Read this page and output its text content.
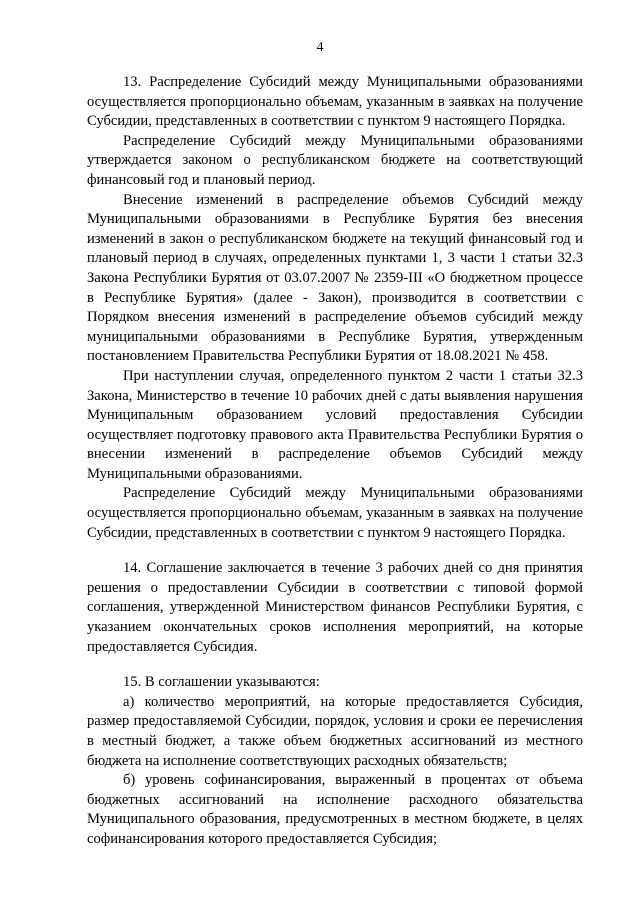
4

13. Распределение Субсидий между Муниципальными образованиями осуществляется пропорционально объемам, указанным в заявках на получение Субсидии, представленных в соответствии с пунктом 9 настоящего Порядка.

Распределение Субсидий между Муниципальными образованиями утверждается законом о республиканском бюджете на соответствующий финансовый год и плановый период.

Внесение изменений в распределение объемов Субсидий между Муниципальными образованиями в Республике Бурятия без внесения изменений в закон о республиканском бюджете на текущий финансовый год и плановый период в случаях, определенных пунктами 1, 3 части 1 статьи 32.3 Закона Республики Бурятия от 03.07.2007 № 2359-III «О бюджетном процессе в Республике Бурятия» (далее - Закон), производится в соответствии с Порядком внесения изменений в распределение объемов субсидий между муниципальными образованиями в Республике Бурятия, утвержденным постановлением Правительства Республики Бурятия от 18.08.2021 № 458.

При наступлении случая, определенного пунктом 2 части 1 статьи 32.3 Закона, Министерство в течение 10 рабочих дней с даты выявления нарушения Муниципальным образованием условий предоставления Субсидии осуществляет подготовку правового акта Правительства Республики Бурятия о внесении изменений в распределение объемов Субсидий между Муниципальными образованиями.

Распределение Субсидий между Муниципальными образованиями осуществляется пропорционально объемам, указанным в заявках на получение Субсидии, представленных в соответствии с пунктом 9 настоящего Порядка.

14. Соглашение заключается в течение 3 рабочих дней со дня принятия решения о предоставлении Субсидии в соответствии с типовой формой соглашения, утвержденной Министерством финансов Республики Бурятия, с указанием окончательных сроков исполнения мероприятий, на которые предоставляется Субсидия.

15. В соглашении указываются:

а) количество мероприятий, на которые предоставляется Субсидия, размер предоставляемой Субсидии, порядок, условия и сроки ее перечисления в местный бюджет, а также объем бюджетных ассигнований из местного бюджета на исполнение соответствующих расходных обязательств;

б) уровень софинансирования, выраженный в процентах от объема бюджетных ассигнований на исполнение расходного обязательства Муниципального образования, предусмотренных в местном бюджете, в целях софинансирования которого предоставляется Субсидия;
